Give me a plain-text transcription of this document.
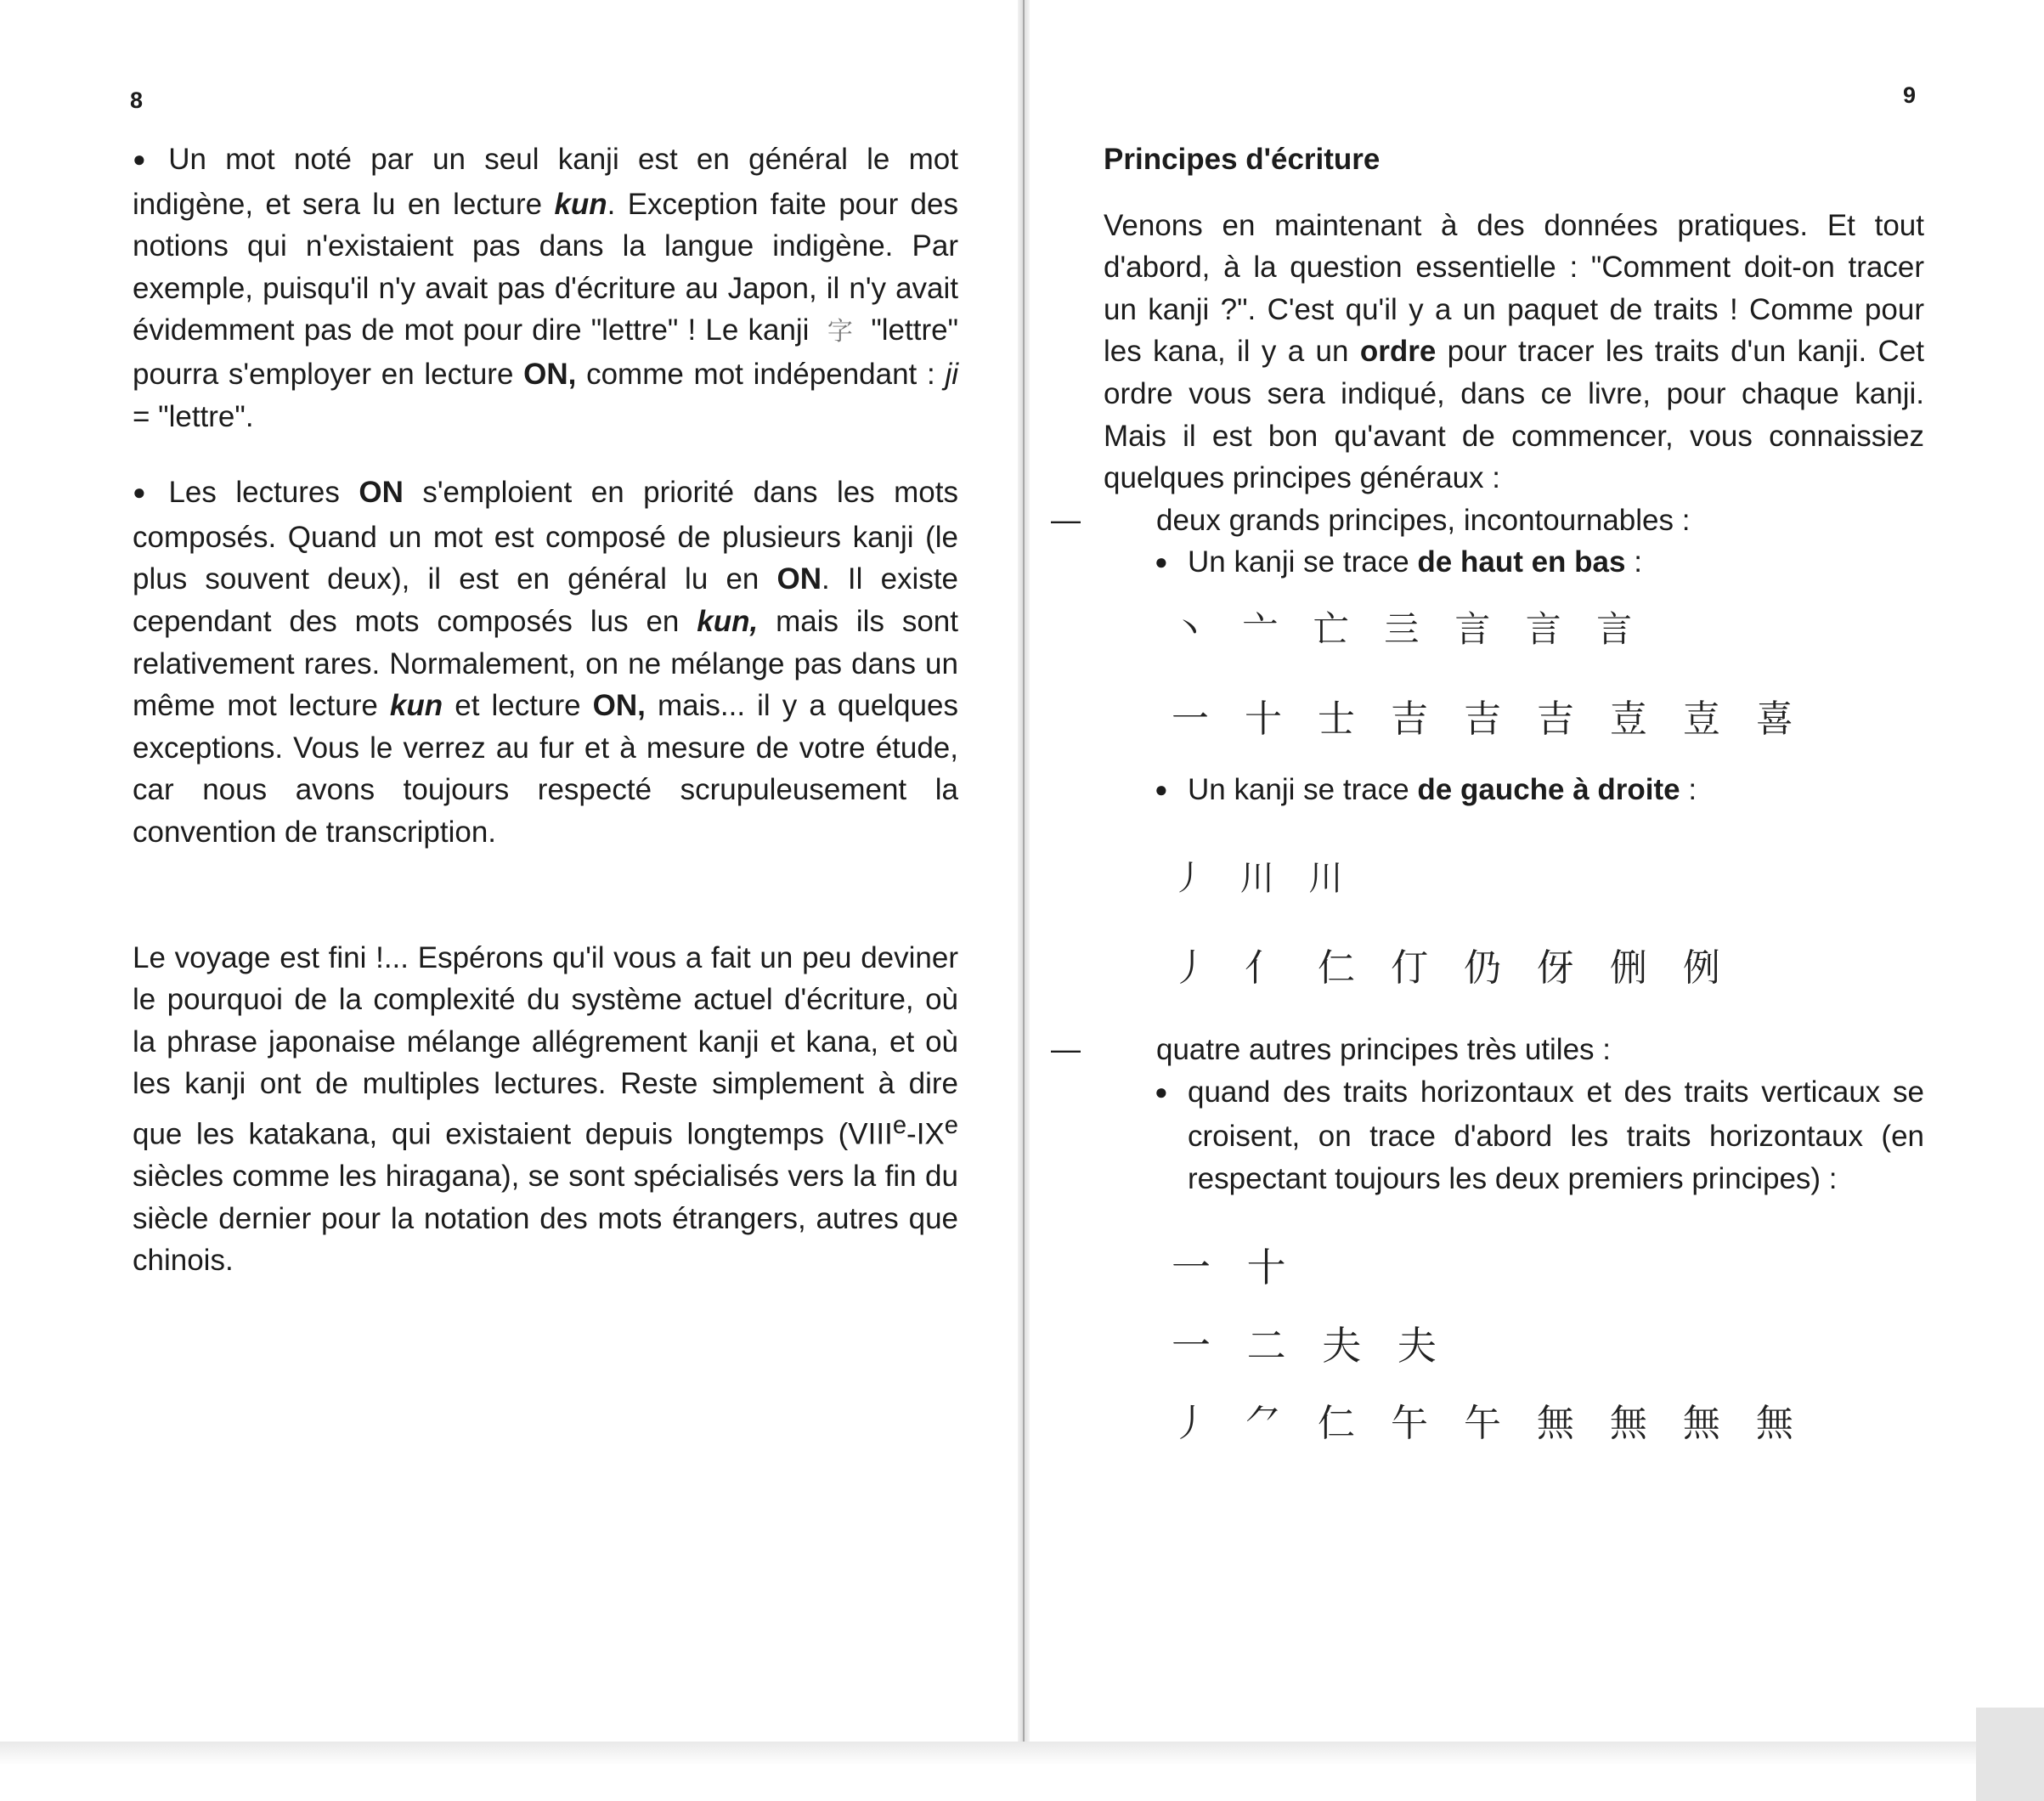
8

● Un mot noté par un seul kanji est en général le mot indigène, et sera lu en lecture kun. Exception faite pour des notions qui n'existaient pas dans la langue indigène. Par exemple, puisqu'il n'y avait pas d'écriture au Japon, il n'y avait évidemment pas de mot pour dire "lettre" ! Le kanji 字 "lettre" pourra s'employer en lecture ON, comme mot indépendant : ji = "lettre".

● Les lectures ON s'emploient en priorité dans les mots composés. Quand un mot est composé de plusieurs kanji (le plus souvent deux), il est en général lu en ON. Il existe cependant des mots composés lus en kun, mais ils sont relativement rares. Normalement, on ne mélange pas dans un même mot lecture kun et lecture ON, mais... il y a quelques exceptions. Vous le verrez au fur et à mesure de votre étude, car nous avons toujours respecté scrupuleusement la convention de transcription.

Le voyage est fini !... Espérons qu'il vous a fait un peu deviner le pourquoi de la complexité du système actuel d'écriture, où la phrase japonaise mélange allégrement kanji et kana, et où les kanji ont de multiples lectures. Reste simplement à dire que les katakana, qui existaient depuis longtemps (VIIIe-IXe siècles comme les hiragana), se sont spécialisés vers la fin du siècle dernier pour la notation des mots étrangers, autres que chinois.

9

Principes d'écriture

Venons en maintenant à des données pratiques. Et tout d'abord, à la question essentielle : "Comment doit-on tracer un kanji ?". C'est qu'il y a un paquet de traits ! Comme pour les kana, il y a un ordre pour tracer les traits d'un kanji. Cet ordre vous sera indiqué, dans ce livre, pour chaque kanji. Mais il est bon qu'avant de commencer, vous connaissiez quelques principes généraux :

—	deux grands principes, incontournables :

● Un kanji se trace de haut en bas :

丶 亠 亡 亖 言 言 言
一 十 士 吉 吉 吉 壴 壴 喜

● Un kanji se trace de gauche à droite :

丿 川 川
丿 亻 仁 仃 仍 伢 侀 例

—	quatre autres principes très utiles :

● quand des traits horizontaux et des traits verticaux se croisent, on trace d'abord les traits horizontaux (en respectant toujours les deux premiers principes) :

一 十
一 二 夫 夫
丿 ⺈ 仁 午 午 無 無 無 無
